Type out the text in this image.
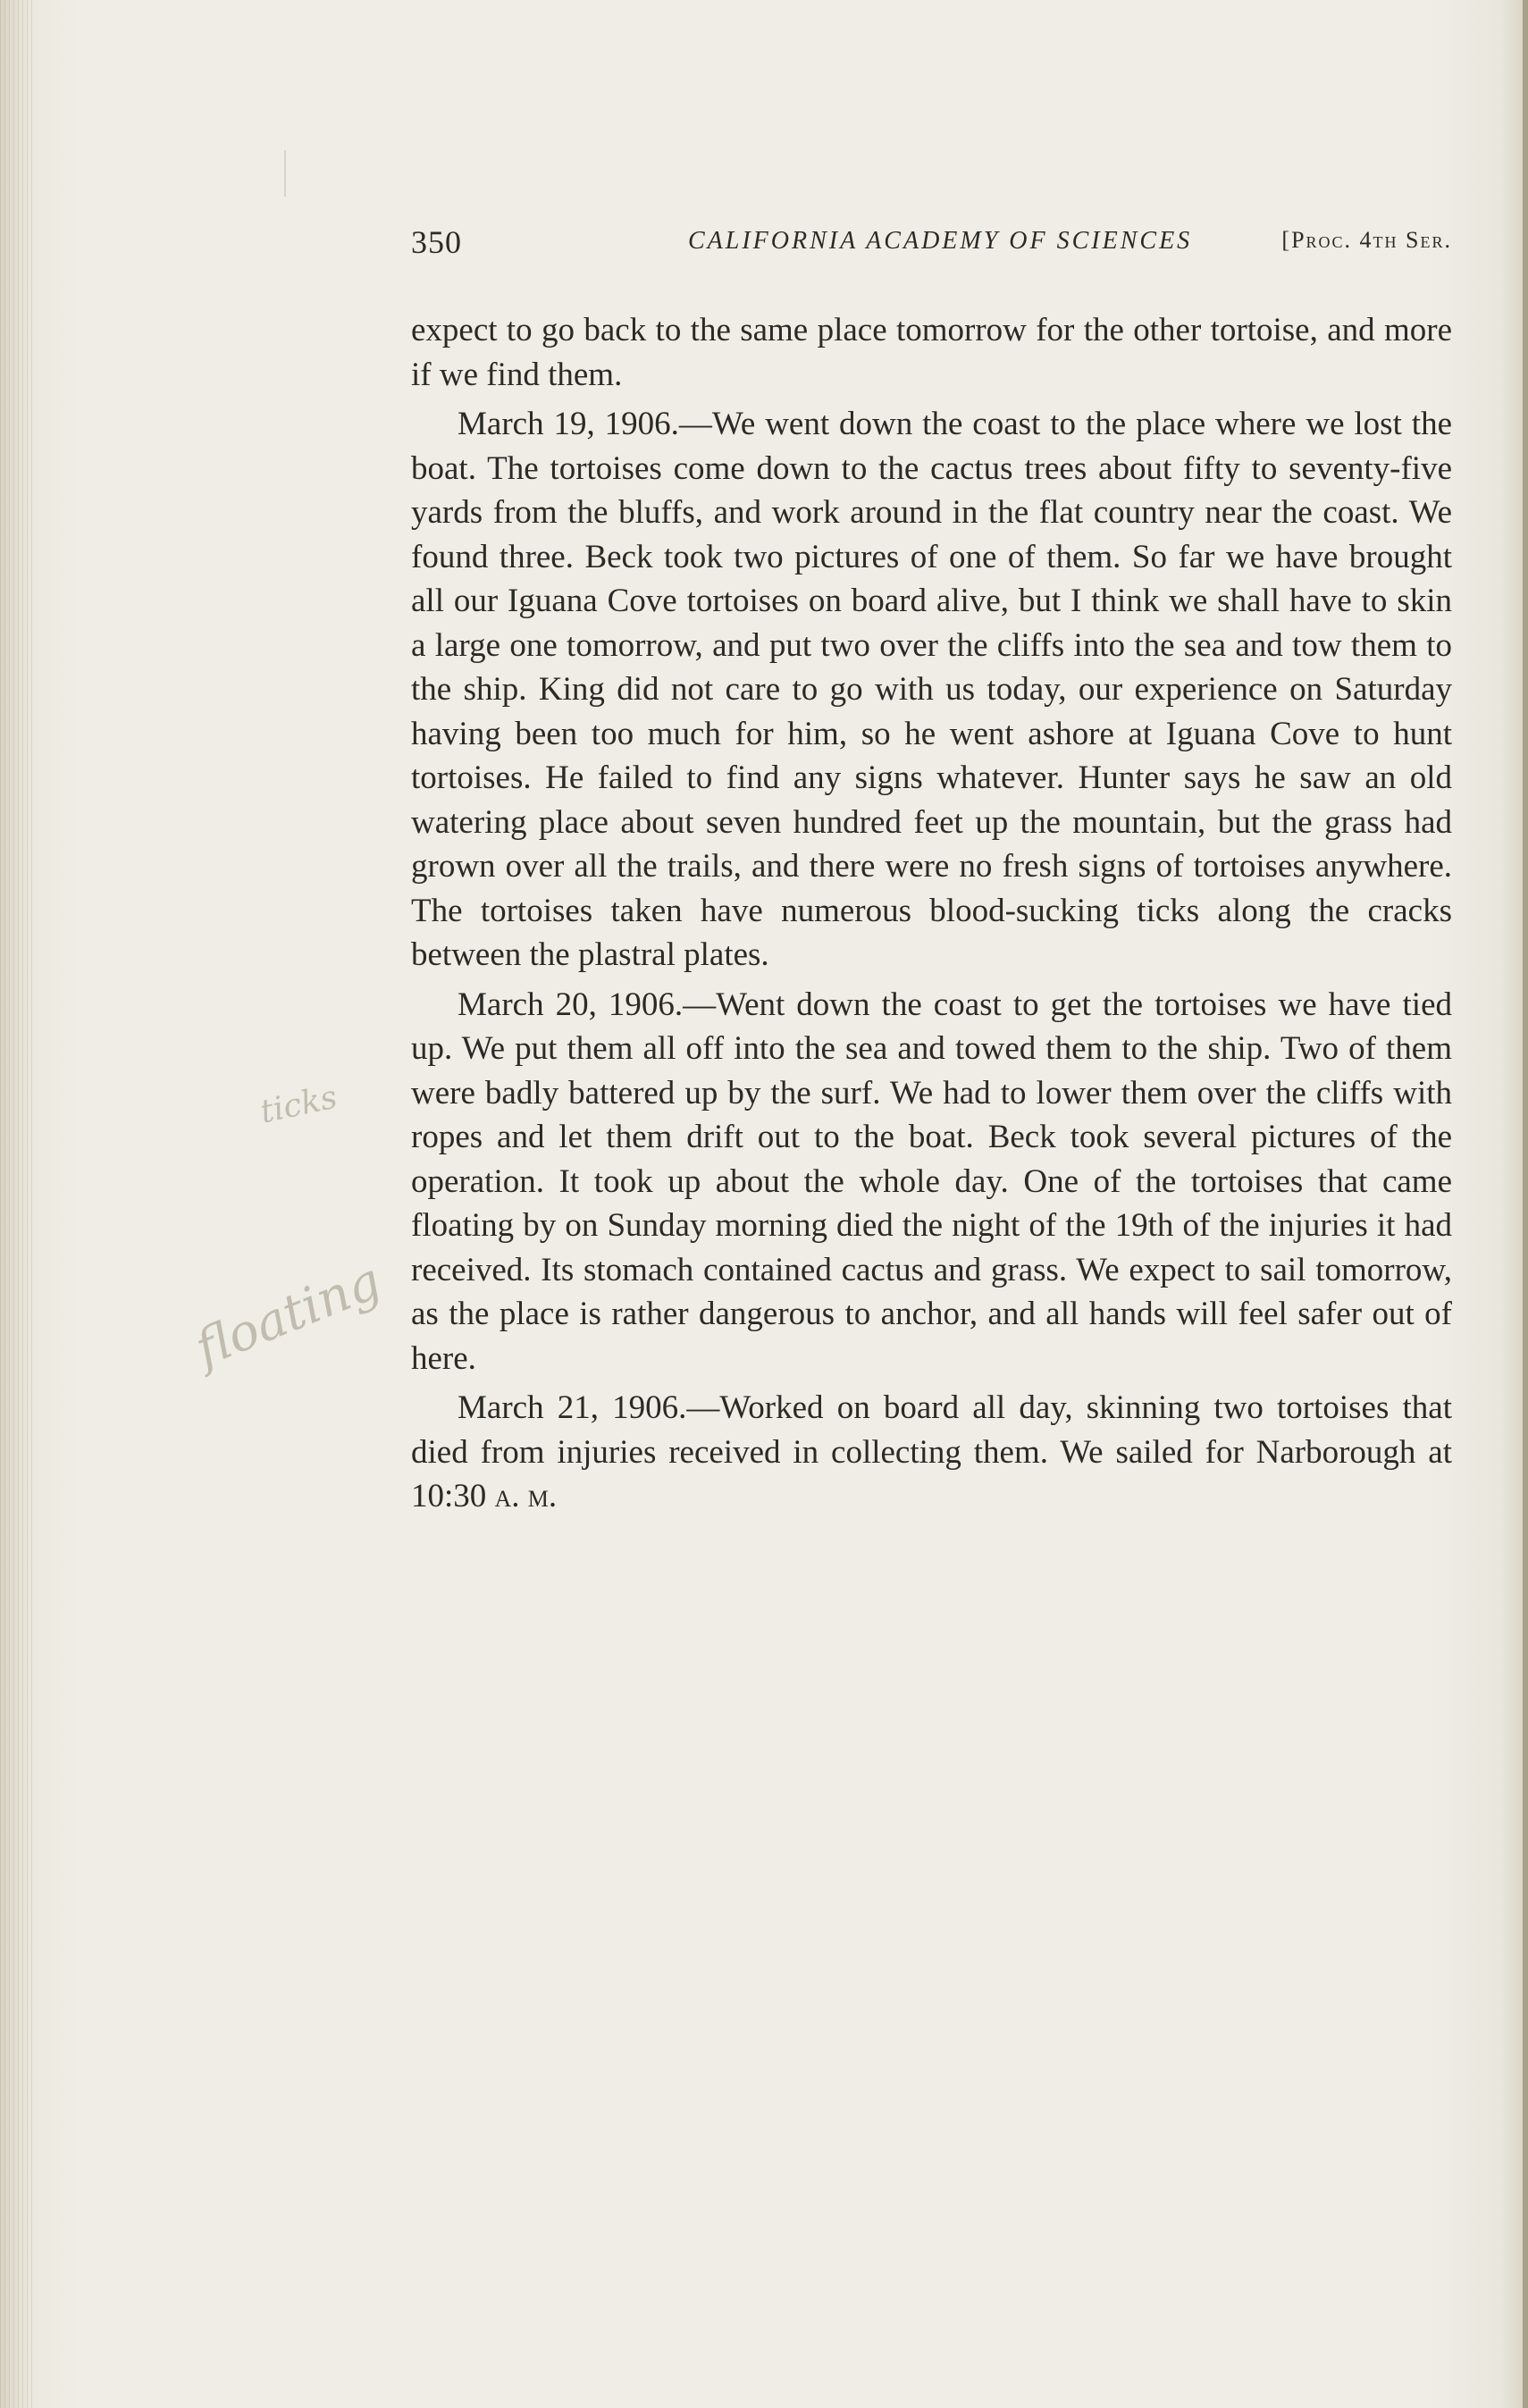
350	CALIFORNIA ACADEMY OF SCIENCES	[Proc. 4th Ser.

expect to go back to the same place tomorrow for the other tortoise, and more if we find them.

March 19, 1906.—We went down the coast to the place where we lost the boat. The tortoises come down to the cactus trees about fifty to seventy-five yards from the bluffs, and work around in the flat country near the coast. We found three. Beck took two pictures of one of them. So far we have brought all our Iguana Cove tortoises on board alive, but I think we shall have to skin a large one tomorrow, and put two over the cliffs into the sea and tow them to the ship. King did not care to go with us today, our experience on Saturday having been too much for him, so he went ashore at Iguana Cove to hunt tortoises. He failed to find any signs whatever. Hunter says he saw an old watering place about seven hundred feet up the mountain, but the grass had grown over all the trails, and there were no fresh signs of tortoises anywhere. The tortoises taken have numerous blood-sucking ticks along the cracks between the plastral plates.

March 20, 1906.—Went down the coast to get the tortoises we have tied up. We put them all off into the sea and towed them to the ship. Two of them were badly battered up by the surf. We had to lower them over the cliffs with ropes and let them drift out to the boat. Beck took several pictures of the operation. It took up about the whole day. One of the tortoises that came floating by on Sunday morning died the night of the 19th of the injuries it had received. Its stomach contained cactus and grass. We expect to sail tomorrow, as the place is rather dangerous to anchor, and all hands will feel safer out of here.

March 21, 1906.—Worked on board all day, skinning two tortoises that died from injuries received in collecting them. We sailed for Narborough at 10:30 a. m.

ticks
floating
